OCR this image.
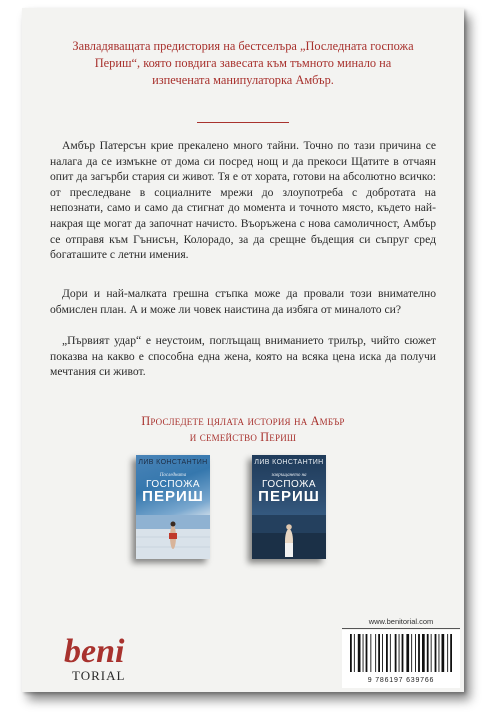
Завладяващата предистория на бестселъра „Последната госпожа Периш“, която повдига завесата към тъмното минало на изпечената манипулаторка Амбър.

Амбър Патерсън крие прекалено много тайни. Точно по тази причина се налага да се измъкне от дома си посред нощ и да прекоси Щатите в отчаян опит да загърби стария си живот. Тя е от хората, готови на абсолютно всичко: от преследване в социалните мрежи до злоупотреба с добротата на непознати, само и само да стигнат до момента и точното място, където най-накрая ще могат да започнат начисто. Въоръжена с нова самоличност, Амбър се отправя към Гънисън, Колорадо, за да срещне бъдещия си съпруг сред богаташите с летни имения.

Дори и най-малката грешна стъпка може да провали този внимателно обмислен план. А и може ли човек наистина да избяга от миналото си?

„Първият удар“ е неустоим, поглъщащ вниманието трилър, чийто сюжет показва на какво е способна една жена, която на всяка цена иска да получи мечтания си живот.

Проследете цялата история на Амбър
и семейство Периш
ЛИВ КОНСТАНТИН
Последната
ГОСПОЖА
ПЕРИШ
ЛИВ КОНСТАНТИН
завръщането на
ГОСПОЖА
ПЕРИШ
beni
TORIAL
www.benitorial.com
9 786197 639766
